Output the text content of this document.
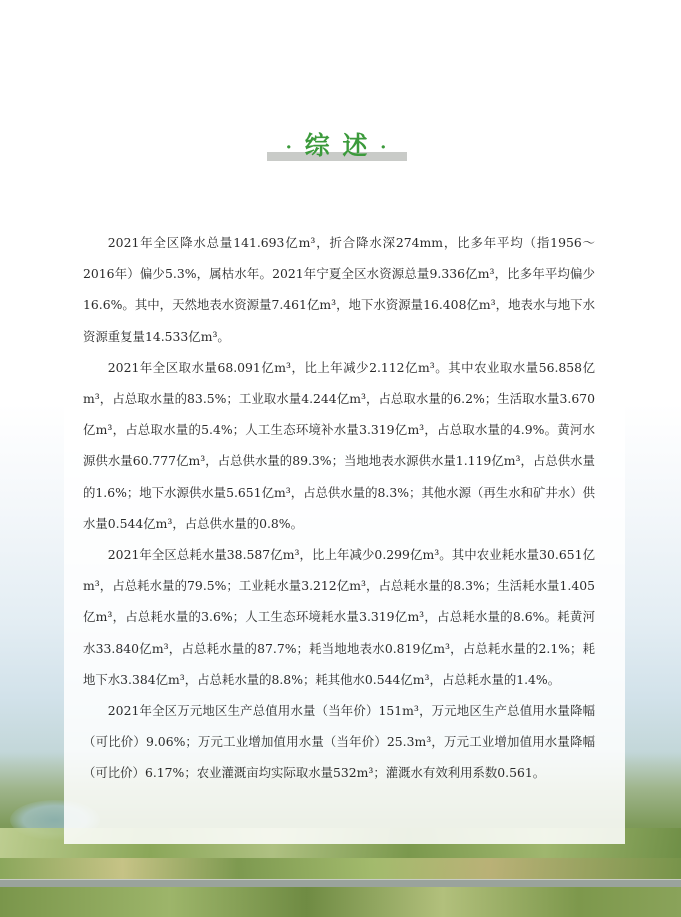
· 综 述 ·

2021年全区降水总量141.693亿m³，折合降水深274mm，比多年平均（指1956～2016年）偏少5.3%，属枯水年。2021年宁夏全区水资源总量9.336亿m³，比多年平均偏少16.6%。其中，天然地表水资源量7.461亿m³，地下水资源量16.408亿m³，地表水与地下水资源重复量14.533亿m³。

2021年全区取水量68.091亿m³，比上年减少2.112亿m³。其中农业取水量56.858亿m³，占总取水量的83.5%；工业取水量4.244亿m³，占总取水量的6.2%；生活取水量3.670亿m³，占总取水量的5.4%；人工生态环境补水量3.319亿m³，占总取水量的4.9%。黄河水源供水量60.777亿m³，占总供水量的89.3%；当地地表水源供水量1.119亿m³，占总供水量的1.6%；地下水源供水量5.651亿m³，占总供水量的8.3%；其他水源（再生水和矿井水）供水量0.544亿m³，占总供水量的0.8%。

2021年全区总耗水量38.587亿m³，比上年减少0.299亿m³。其中农业耗水量30.651亿m³，占总耗水量的79.5%；工业耗水量3.212亿m³，占总耗水量的8.3%；生活耗水量1.405亿m³，占总耗水量的3.6%；人工生态环境耗水量3.319亿m³，占总耗水量的8.6%。耗黄河水33.840亿m³，占总耗水量的87.7%；耗当地地表水0.819亿m³，占总耗水量的2.1%；耗地下水3.384亿m³，占总耗水量的8.8%；耗其他水0.544亿m³，占总耗水量的1.4%。

2021年全区万元地区生产总值用水量（当年价）151m³，万元地区生产总值用水量降幅（可比价）9.06%；万元工业增加值用水量（当年价）25.3m³，万元工业增加值用水量降幅（可比价）6.17%；农业灌溉亩均实际取水量532m³；灌溉水有效利用系数0.561。
